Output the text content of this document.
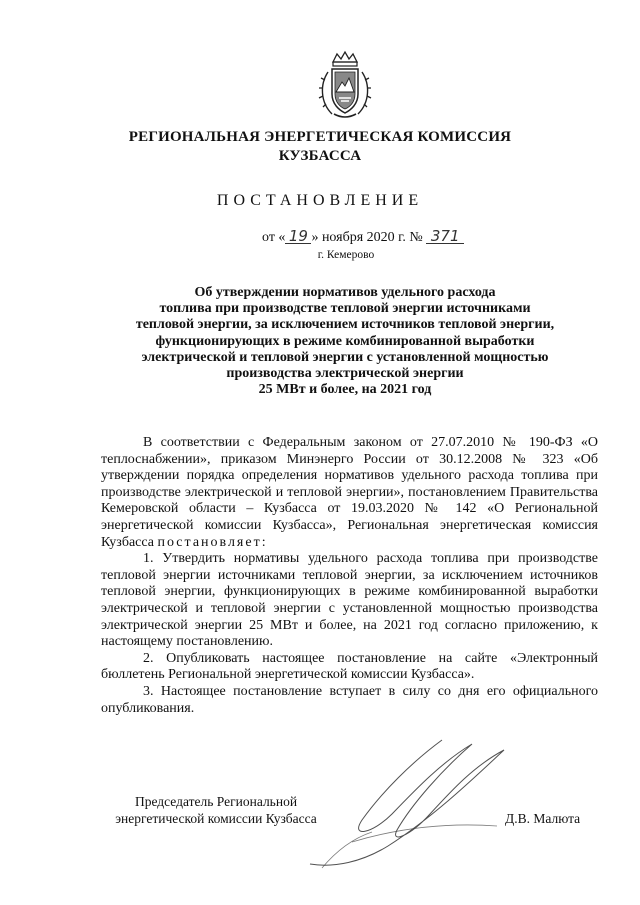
РЕГИОНАЛЬНАЯ ЭНЕРГЕТИЧЕСКАЯ КОМИССИЯ
КУЗБАССА
ПОСТАНОВЛЕНИЕ
от « 19 » ноября 2020 г. № 371
г. Кемерово
Об утверждении нормативов удельного расхода
топлива при производстве тепловой энергии источниками
тепловой энергии, за исключением источников тепловой энергии,
функционирующих в режиме комбинированной выработки
электрической и тепловой энергии с установленной мощностью
производства электрической энергии
25 МВт и более, на 2021 год

В соответствии с Федеральным законом от 27.07.2010 № 190-ФЗ «О теплоснабжении», приказом Минэнерго России от 30.12.2008 № 323 «Об утверждении порядка определения нормативов удельного расхода топлива при производстве электрической и тепловой энергии», постановлением Правительства Кемеровской области – Кузбасса от 19.03.2020 № 142 «О Региональной энергетической комиссии Кузбасса», Региональная энергетическая комиссия Кузбасса постановляет:

1. Утвердить нормативы удельного расхода топлива при производстве тепловой энергии источниками тепловой энергии, за исключением источников тепловой энергии, функционирующих в режиме комбинированной выработки электрической и тепловой энергии с установленной мощностью производства электрической энергии 25 МВт и более, на 2021 год согласно приложению, к настоящему постановлению.

2. Опубликовать настоящее постановление на сайте «Электронный бюллетень Региональной энергетической комиссии Кузбасса».

3. Настоящее постановление вступает в силу со дня его официального опубликования.

Председатель Региональной
энергетической комиссии Кузбасса	Д.В. Малюта
